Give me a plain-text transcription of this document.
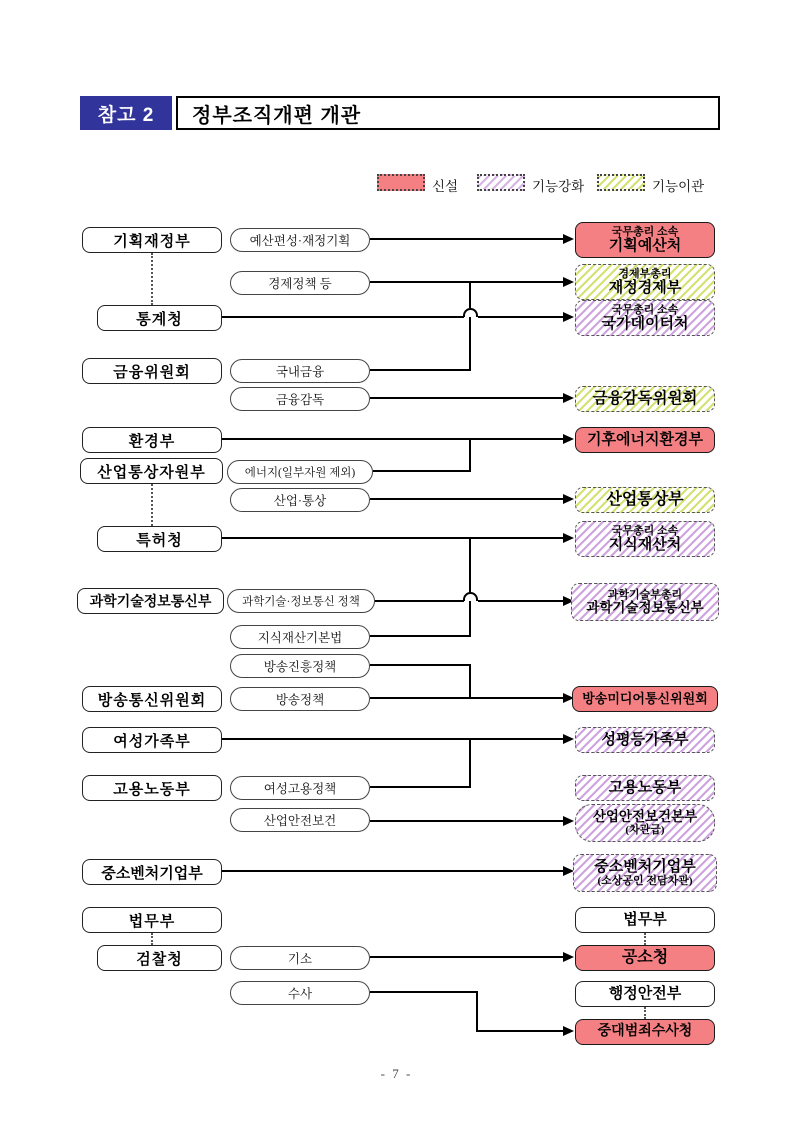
참고 2	정부조직개편 개관
신설	기능강화	기능이관
기획재정부
통계청
금융위원회
환경부
산업통상자원부
특허청
과학기술정보통신부
방송통신위원회
여성가족부
고용노동부
중소벤처기업부
법무부
검찰청
예산편성·재정기획
경제정책 등
국내금융
금융감독
에너지(일부자원 제외)
산업·통상
과학기술·정보통신 정책
지식재산기본법
방송진흥정책
방송정책
여성고용정책
산업안전보건
기소
수사
국무총리 소속
기획예산처
경제부총리
재정경제부
국무총리 소속
국가데이터처
금융감독위원회
기후에너지환경부
산업통상부
국무총리 소속
지식재산처
과학기술부총리
과학기술정보통신부
방송미디어통신위원회
성평등가족부
고용노동부
산업안전보건본부
(차관급)
중소벤처기업부
(소상공인 전담차관)
법무부
공소청
행정안전부
중대범죄수사청
- 7 -
